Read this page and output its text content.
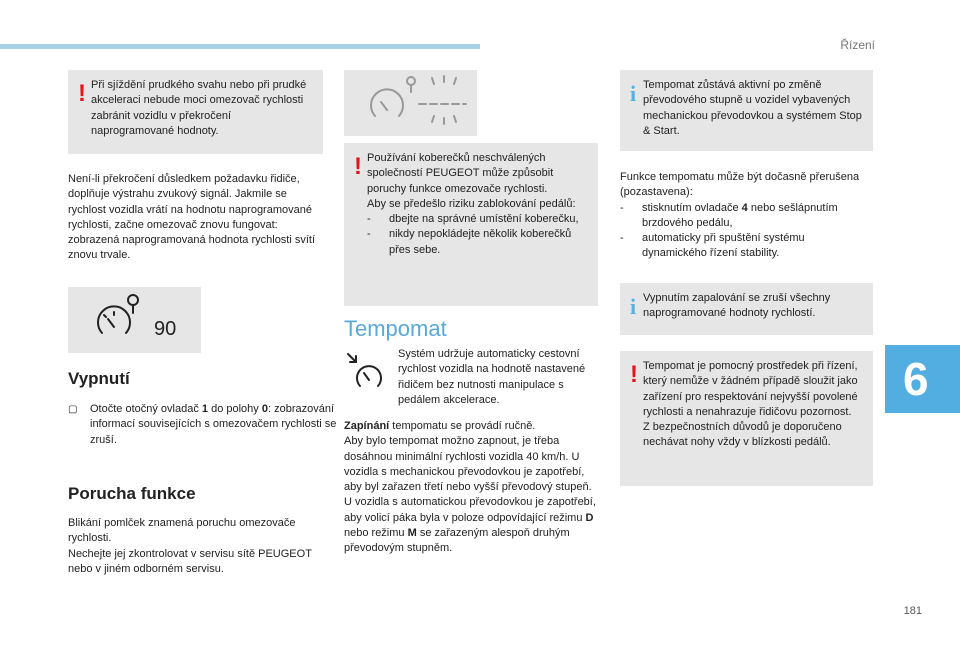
Řízení
6
181
! Při sjíždění prudkého svahu nebo při prudké akceleraci nebude moci omezovač rychlosti zabránit vozidlu v překročení naprogramované hodnoty.

Není-li překročení důsledkem požadavku řidiče, doplňuje výstrahu zvukový signál. Jakmile se rychlost vozidla vrátí na hodnotu naprogramované rychlosti, začne omezovač znovu fungovat: zobrazená naprogramovaná hodnota rychlosti svítí znovu trvale.

90
Vypnutí
▢ Otočte otočný ovladač 1 do polohy 0: zobrazování informací souvisejících s omezovačem rychlosti se zruší.
Porucha funkce

Blikání pomlček znamená poruchu omezovače rychlosti.

Nechejte jej zkontrolovat v servisu sítě PEUGEOT nebo v jiném odborném servisu.

! Používání koberečků neschválených společností PEUGEOT může způsobit poruchy funkce omezovače rychlosti.
Aby se předešlo riziku zablokování pedálů:
- dbejte na správné umístění koberečku,
- nikdy nepokládejte několik koberečků přes sebe.
Tempomat
Systém udržuje automaticky cestovní rychlost vozidla na hodnotě nastavené řidičem bez nutnosti manipulace s pedálem akcelerace.

Zapínání tempomatu se provádí ručně.

Aby bylo tempomat možno zapnout, je třeba dosáhnou minimální rychlosti vozidla 40 km/h. U vozidla s mechanickou převodovkou je zapotřebí, aby byl zařazen třetí nebo vyšší převodový stupeň.

U vozidla s automatickou převodovkou je zapotřebí, aby volicí páka byla v poloze odpovídající režimu D nebo režimu M se zařazeným alespoň druhým převodovým stupněm.

i Tempomat zůstává aktivní po změně převodového stupně u vozidel vybavených mechanickou převodovkou a systémem Stop & Start.

Funkce tempomatu může být dočasně přerušena (pozastavena):

- stisknutím ovladače 4 nebo sešlápnutím brzdového pedálu,
- automaticky při spuštění systému dynamického řízení stability.
i Vypnutím zapalování se zruší všechny naprogramované hodnoty rychlostí.
! Tempomat je pomocný prostředek při řízení, který nemůže v žádném případě sloužit jako zařízení pro respektování nejvyšší povolené rychlosti a nenahrazuje řidičovu pozornost.
Z bezpečnostních důvodů je doporučeno nechávat nohy vždy v blízkosti pedálů.
